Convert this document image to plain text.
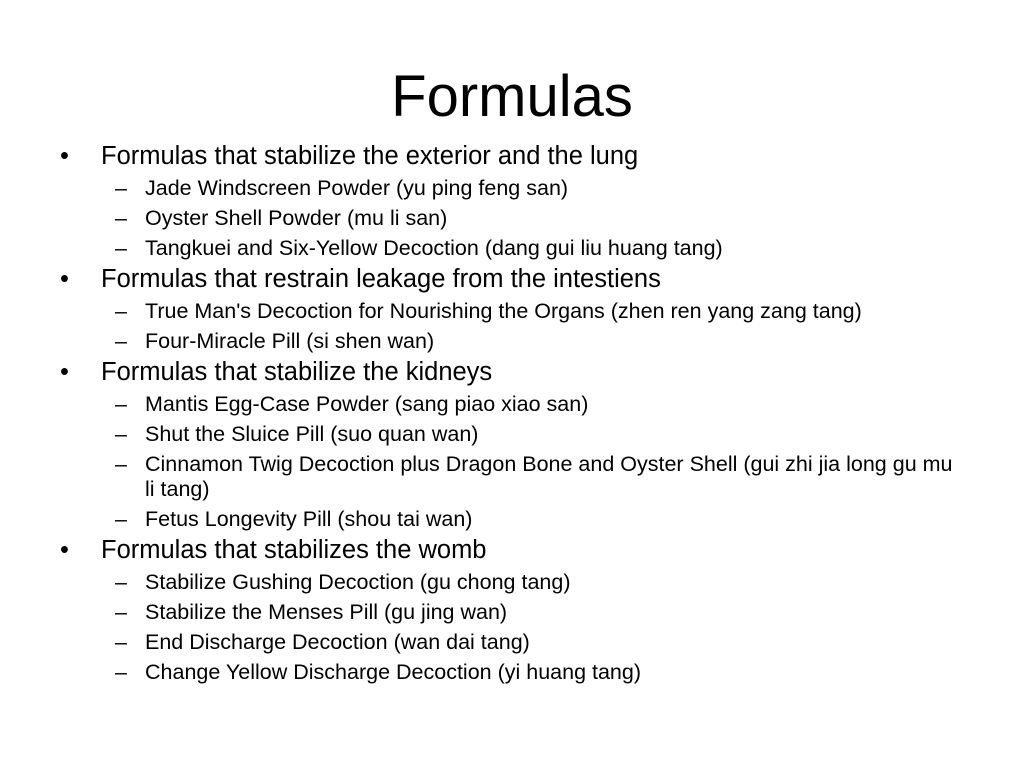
Formulas
•	Formulas that stabilize the exterior and the lung
– Jade Windscreen Powder (yu ping feng san)
– Oyster Shell Powder (mu li san)
– Tangkuei and Six-Yellow Decoction (dang gui liu huang tang)
•	Formulas that restrain leakage from the intestiens
– True Man's Decoction for Nourishing the Organs (zhen ren yang zang tang)
– Four-Miracle Pill (si shen wan)
•	Formulas that stabilize the kidneys
– Mantis Egg-Case Powder (sang piao xiao san)
– Shut the Sluice Pill (suo quan wan)
– Cinnamon Twig Decoction plus Dragon Bone and Oyster Shell (gui zhi jia long gu mu li tang)
– Fetus Longevity Pill (shou tai wan)
•	Formulas that stabilizes the womb
– Stabilize Gushing Decoction (gu chong tang)
– Stabilize the Menses Pill (gu jing wan)
– End Discharge Decoction (wan dai tang)
– Change Yellow Discharge Decoction (yi huang tang)
